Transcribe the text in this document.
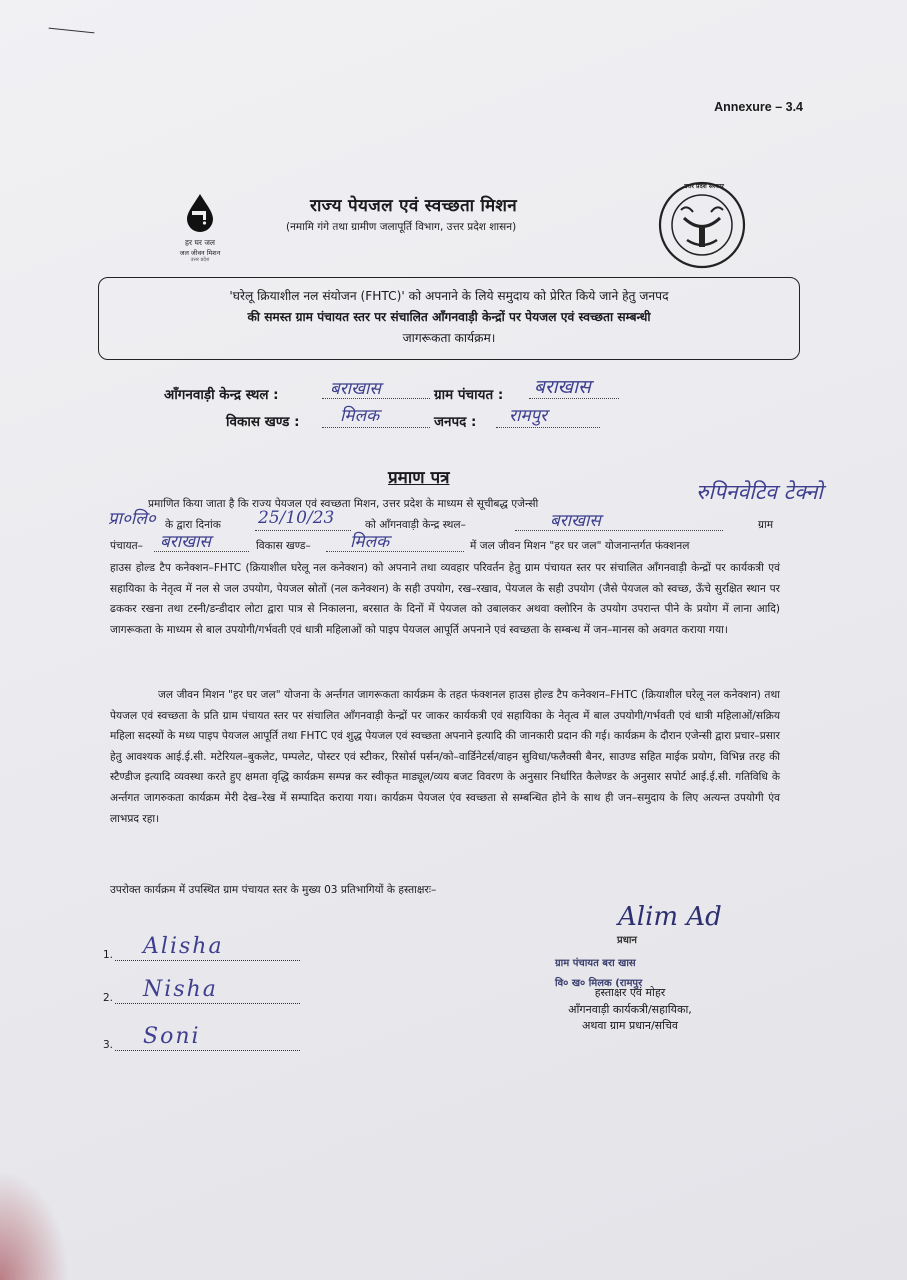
Annexure – 3.4
हर घर जल
जल जीवन मिशन
उत्तर प्रदेश
उत्तर प्रदेश सरकार
राज्य पेयजल एवं स्वच्छता मिशन
(नमामि गंगे तथा ग्रामीण जलापूर्ति विभाग, उत्तर प्रदेश शासन)
'घरेलू क्रियाशील नल संयोजन (FHTC)' को अपनाने के लिये समुदाय को प्रेरित किये जाने हेतु जनपद
की समस्त ग्राम पंचायत स्तर पर संचालित आँगनवाड़ी केन्द्रों पर पेयजल एवं स्वच्छता सम्बन्धी
जागरूकता कार्यक्रम।
आँगनवाड़ी केन्द्र स्थल :	बराखास	ग्राम पंचायत : बराखास
विकास खण्ड : मिलक	जनपद : रामपुर
प्रमाण पत्र
प्रमाणित किया जाता है कि राज्य पेयजल एवं स्वच्छता मिशन, उत्तर प्रदेश के माध्यम से सूचीबद्ध एजेन्सी	रुपिनवेटिव टेक्नो
प्रा०लि० के द्वारा दिनांक 25/10/23	को आँगनवाड़ी केन्द्र स्थल–	बराखास	ग्राम
पंचायत– बराखास	विकास खण्ड– मिलक	में जल जीवन मिशन "हर घर जल" योजनान्तर्गत फंक्शनल
हाउस होल्ड टैप कनेक्शन–FHTC (क्रियाशील घरेलू नल कनेक्शन) को अपनाने तथा व्यवहार परिवर्तन हेतु ग्राम पंचायत स्तर पर संचालित आँगनवाड़ी केन्द्रों पर कार्यकत्री एवं सहायिका के नेतृत्व में नल से जल उपयोग, पेयजल स्रोतों (नल कनेक्शन) के सही उपयोग, रख–रखाव, पेयजल के सही उपयोग (जैसे पेयजल को स्वच्छ, ऊँचे सुरक्षित स्थान पर ढककर रखना तथा टस्नी/डन्डीदार लोटा द्वारा पात्र से निकालना, बरसात के दिनों में पेयजल को उबालकर अथवा क्लोरिन के उपयोग उपरान्त पीने के प्रयोग में लाना आदि) जागरूकता के माध्यम से बाल उपयोगी/गर्भवती एवं धात्री महिलाओं को पाइप पेयजल आपूर्ति अपनाने एवं स्वच्छता के सम्बन्ध में जन–मानस को अवगत कराया गया।
जल जीवन मिशन "हर घर जल" योजना के अर्न्तगत जागरूकता कार्यक्रम के तहत फंक्शनल हाउस होल्ड टैप कनेक्शन–FHTC (क्रियाशील घरेलू नल कनेक्शन) तथा पेयजल एवं स्वच्छता के प्रति ग्राम पंचायत स्तर पर संचालित आँगनवाड़ी केन्द्रों पर जाकर कार्यकत्री एवं सहायिका के नेतृत्व में बाल उपयोगी/गर्भवती एवं धात्री महिलाओं/सक्रिय महिला सदस्यों के मध्य पाइप पेयजल आपूर्ति तथा FHTC एवं शुद्ध पेयजल एवं स्वच्छता अपनाने इत्यादि की जानकारी प्रदान की गई। कार्यक्रम के दौरान एजेन्सी द्वारा प्रचार–प्रसार हेतु आवश्यक आई.ई.सी. मटेरियल–बुकलेट, पम्पलेट, पोस्टर एवं स्टीकर, रिसोर्स पर्सन/को–वार्डिनेटर्स/वाहन सुविधा/फलैक्सी बैनर, साउण्ड सहित माईक प्रयोग, विभिन्न तरह की स्टैण्डीज इत्यादि व्यवस्था करते हुए क्षमता वृद्धि कार्यक्रम सम्पन्न कर स्वीकृत माड्यूल/व्यय बजट विवरण के अनुसार निर्धारित कैलेण्डर के अनुसार सपोर्ट आई.ई.सी. गतिविधि के अर्न्तगत जागरुकता कार्यक्रम मेरी देख–रेख में सम्पादित कराया गया। कार्यक्रम पेयजल एंव स्वच्छता से सम्बन्धित होने के साथ ही जन–समुदाय के लिए अत्यन्त उपयोगी एंव लाभप्रद रहा।
उपरोक्त कार्यक्रम में उपस्थित ग्राम पंचायत स्तर के मुख्य 03 प्रतिभागियों के हस्ताक्षरः–
1. Alisha
2. Nisha
3. Soni
Alim Ad
प्रधान
ग्राम पंचायत बरा खास
वि० ख० मिलक (रामपुर
हस्ताक्षर एवं मोहर
आँगनवाड़ी कार्यकत्री/सहायिका,
अथवा ग्राम प्रधान/सचिव
